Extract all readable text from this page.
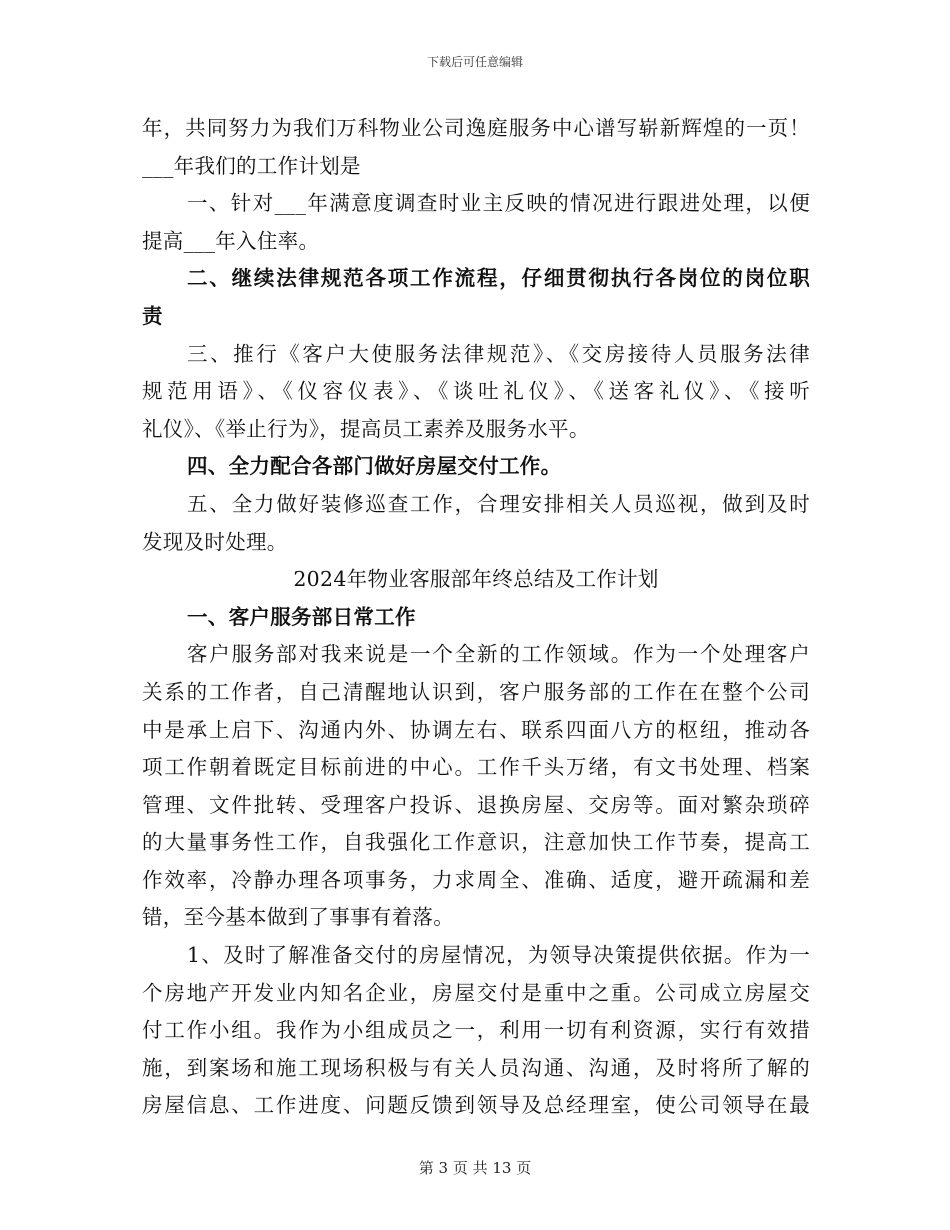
下载后可任意编辑
年，共同努力为我们万科物业公司逸庭服务中心谱写崭新辉煌的一页！
___年我们的工作计划是
一、针对___年满意度调查时业主反映的情况进行跟进处理，以便
提高___年入住率。
二、继续法律规范各项工作流程，仔细贯彻执行各岗位的岗位职
责
三、推行《客户大使服务法律规范》、《交房接待人员服务法律
规范用语》、《仪容仪表》、《谈吐礼仪》、《送客礼仪》、《接听
礼仪》、《举止行为》，提高员工素养及服务水平。
四、全力配合各部门做好房屋交付工作。
五、全力做好装修巡查工作，合理安排相关人员巡视，做到及时
发现及时处理。
2024年物业客服部年终总结及工作计划
一、客户服务部日常工作
客户服务部对我来说是一个全新的工作领域。作为一个处理客户
关系的工作者，自己清醒地认识到，客户服务部的工作在在整个公司
中是承上启下、沟通内外、协调左右、联系四面八方的枢纽，推动各
项工作朝着既定目标前进的中心。工作千头万绪，有文书处理、档案
管理、文件批转、受理客户投诉、退换房屋、交房等。面对繁杂琐碎
的大量事务性工作，自我强化工作意识，注意加快工作节奏，提高工
作效率，冷静办理各项事务，力求周全、准确、适度，避开疏漏和差
错，至今基本做到了事事有着落。
1、及时了解准备交付的房屋情况，为领导决策提供依据。作为一
个房地产开发业内知名企业，房屋交付是重中之重。公司成立房屋交
付工作小组。我作为小组成员之一，利用一切有利资源，实行有效措
施，到案场和施工现场积极与有关人员沟通、沟通，及时将所了解的
房屋信息、工作进度、问题反馈到领导及总经理室，使公司领导在最
第 3 页 共 13 页
